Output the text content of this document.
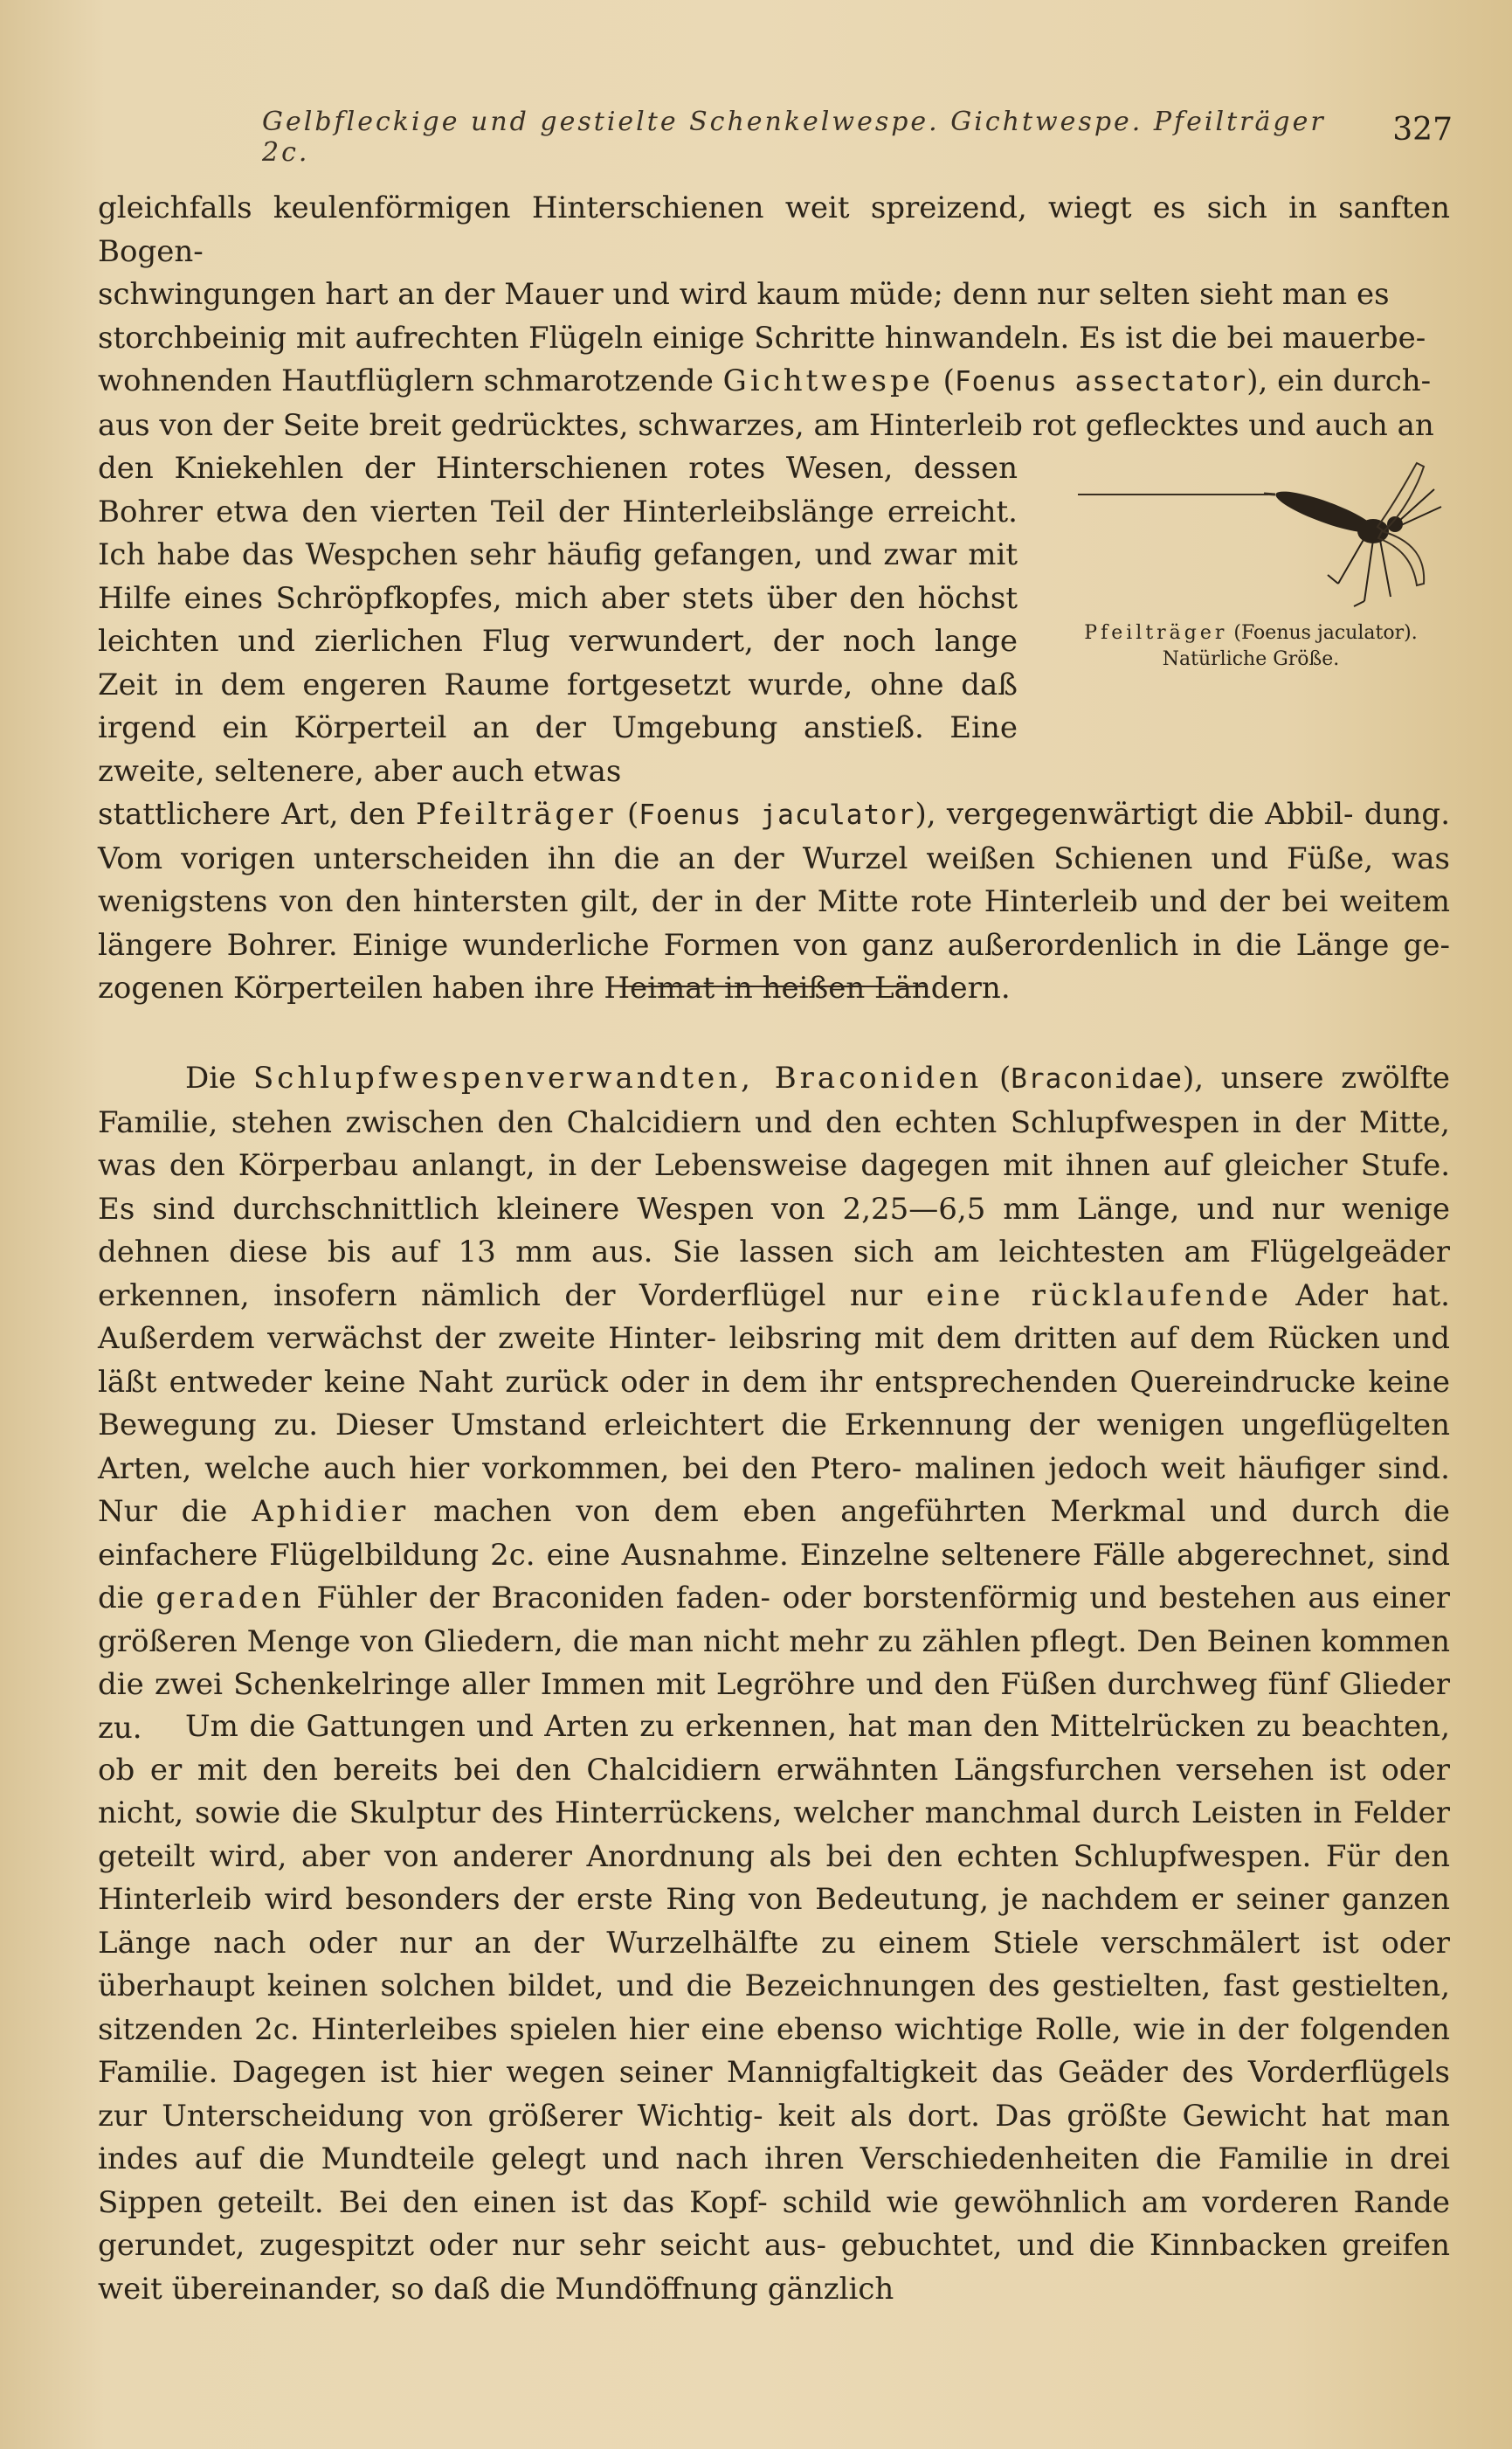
Gelbfleckige und gestielte Schenkelwespe. Gichtwespe. Pfeilträger 2c.
327

gleichfalls keulenförmigen Hinterschienen weit spreizend, wiegt es sich in sanften Bogen-

schwingungen hart an der Mauer und wird kaum müde; denn nur selten sieht man es

storchbeinig mit aufrechten Flügeln einige Schritte hinwandeln. Es ist die bei mauerbe-

wohnenden Hautflüglern schmarotzende Gichtwespe (Foenus assectator), ein durch-

aus von der Seite breit gedrücktes, schwarzes, am Hinterleib rot geflecktes und auch an

den Kniekehlen der Hinterschienen rotes Wesen, dessen Bohrer etwa den vierten Teil der Hinterleibslänge erreicht. Ich habe das Wespchen sehr häufig gefangen, und zwar mit Hilfe eines Schröpfkopfes, mich aber stets über den höchst leichten und zierlichen Flug verwundert, der noch lange Zeit in dem engeren Raume fortgesetzt wurde, ohne daß irgend ein Körperteil an der Umgebung anstieß. Eine zweite, seltenere, aber auch etwas

stattlichere Art, den Pfeilträger (Foenus jaculator), vergegenwärtigt die Abbil- dung. Vom vorigen unterscheiden ihn die an der Wurzel weißen Schienen und Füße, was wenigstens von den hintersten gilt, der in der Mitte rote Hinterleib und der bei weitem längere Bohrer. Einige wunderliche Formen von ganz außerordenlich in die Länge ge- zogenen Körperteilen haben ihre Heimat in heißen Ländern.

Pfeilträger (Foenus jaculator).
Natürliche Größe.
Die Schlupfwespenverwandten, Braconiden (Braconidae), unsere zwölfte Familie, stehen zwischen den Chalcidiern und den echten Schlupfwespen in der Mitte, was den Körperbau anlangt, in der Lebensweise dagegen mit ihnen auf gleicher Stufe. Es sind durchschnittlich kleinere Wespen von 2,25—6,5 mm Länge, und nur wenige dehnen diese bis auf 13 mm aus. Sie lassen sich am leichtesten am Flügelgeäder erkennen, insofern nämlich der Vorderflügel nur eine rücklaufende Ader hat. Außerdem verwächst der zweite Hinter- leibsring mit dem dritten auf dem Rücken und läßt entweder keine Naht zurück oder in dem ihr entsprechenden Quereindrucke keine Bewegung zu. Dieser Umstand erleichtert die Erkennung der wenigen ungeflügelten Arten, welche auch hier vorkommen, bei den Ptero- malinen jedoch weit häufiger sind. Nur die Aphidier machen von dem eben angeführten Merkmal und durch die einfachere Flügelbildung 2c. eine Ausnahme. Einzelne seltenere Fälle abgerechnet, sind die geraden Fühler der Braconiden faden- oder borstenförmig und bestehen aus einer größeren Menge von Gliedern, die man nicht mehr zu zählen pflegt. Den Beinen kommen die zwei Schenkelringe aller Immen mit Legröhre und den Füßen durchweg fünf Glieder zu.	Um die Gattungen und Arten zu erkennen, hat man den Mittelrücken zu beachten, ob er mit den bereits bei den Chalcidiern erwähnten Längsfurchen versehen ist oder nicht, sowie die Skulptur des Hinterrückens, welcher manchmal durch Leisten in Felder geteilt wird, aber von anderer Anordnung als bei den echten Schlupfwespen. Für den Hinterleib wird besonders der erste Ring von Bedeutung, je nachdem er seiner ganzen Länge nach oder nur an der Wurzelhälfte zu einem Stiele verschmälert ist oder überhaupt keinen solchen bildet, und die Bezeichnungen des gestielten, fast gestielten, sitzenden 2c. Hinterleibes spielen hier eine ebenso wichtige Rolle, wie in der folgenden Familie. Dagegen ist hier wegen seiner Mannigfaltigkeit das Geäder des Vorderflügels zur Unterscheidung von größerer Wichtig- keit als dort. Das größte Gewicht hat man indes auf die Mundteile gelegt und nach ihren Verschiedenheiten die Familie in drei Sippen geteilt. Bei den einen ist das Kopf- schild wie gewöhnlich am vorderen Rande gerundet, zugespitzt oder nur sehr seicht aus- gebuchtet, und die Kinnbacken greifen weit übereinander, so daß die Mundöffnung gänzlich
